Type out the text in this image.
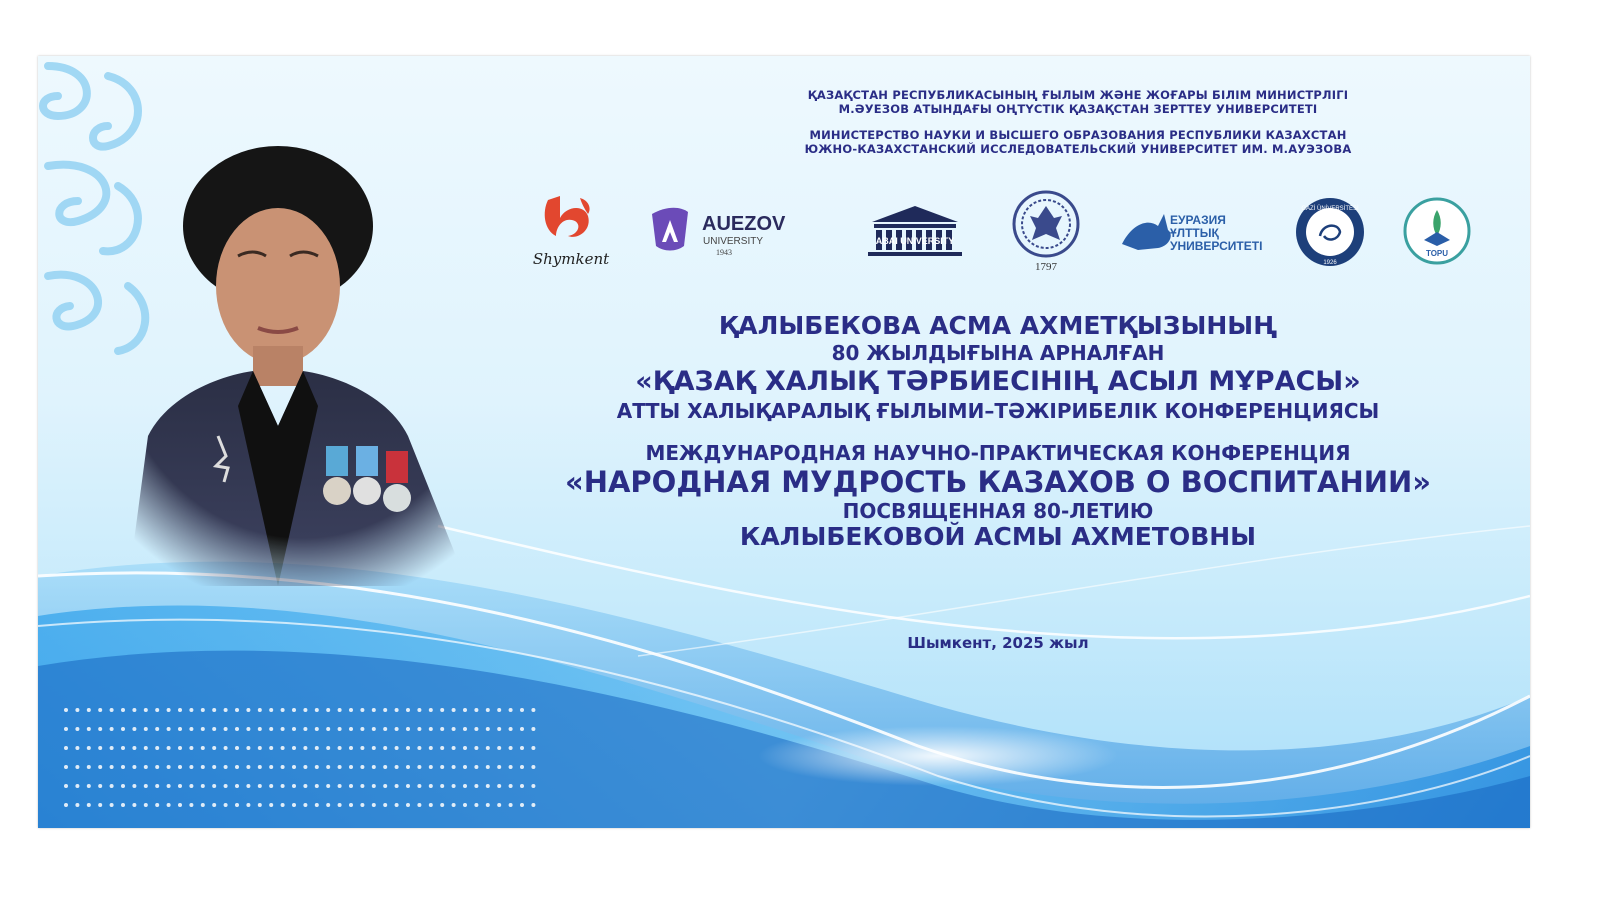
ҚАЗАҚСТАН РЕСПУБЛИКАСЫНЫҢ ҒЫЛЫМ ЖӘНЕ ЖОҒАРЫ БІЛІМ МИНИСТРЛІГІ
М.ӘУЕЗОВ АТЫНДАҒЫ ОҢТҮСТІК ҚАЗАҚСТАН ЗЕРТТЕУ УНИВЕРСИТЕТІ
МИНИСТЕРСТВО НАУКИ И ВЫСШЕГО ОБРАЗОВАНИЯ РЕСПУБЛИКИ КАЗАХСТАН
ЮЖНО-КАЗАХСТАНСКИЙ ИССЛЕДОВАТЕЛЬСКИЙ УНИВЕРСИТЕТ ИМ. М.АУЭЗОВА
Shymkent
AUEZOV
UNIVERSITY
1943
ABAI UNIVERSITY
1797
ЕУРАЗИЯ
ҰЛТТЫҚ
УНИВЕРСИТЕТІ
GAZİ ÜNİVERSİTESİ
1926
TOPU
ҚАЛЫБЕКОВА АСМА АХМЕТҚЫЗЫНЫҢ
80 ЖЫЛДЫҒЫНА АРНАЛҒАН
«ҚАЗАҚ ХАЛЫҚ ТӘРБИЕСІНІҢ АСЫЛ МҰРАСЫ»
АТТЫ ХАЛЫҚАРАЛЫҚ ҒЫЛЫМИ–ТӘЖІРИБЕЛІК КОНФЕРЕНЦИЯСЫ
МЕЖДУНАРОДНАЯ НАУЧНО-ПРАКТИЧЕСКАЯ КОНФЕРЕНЦИЯ
«НАРОДНАЯ МУДРОСТЬ КАЗАХОВ О ВОСПИТАНИИ»
ПОСВЯЩЕННАЯ 80-ЛЕТИЮ
КАЛЫБЕКОВОЙ АСМЫ АХМЕТОВНЫ
Шымкент, 2025 жыл
